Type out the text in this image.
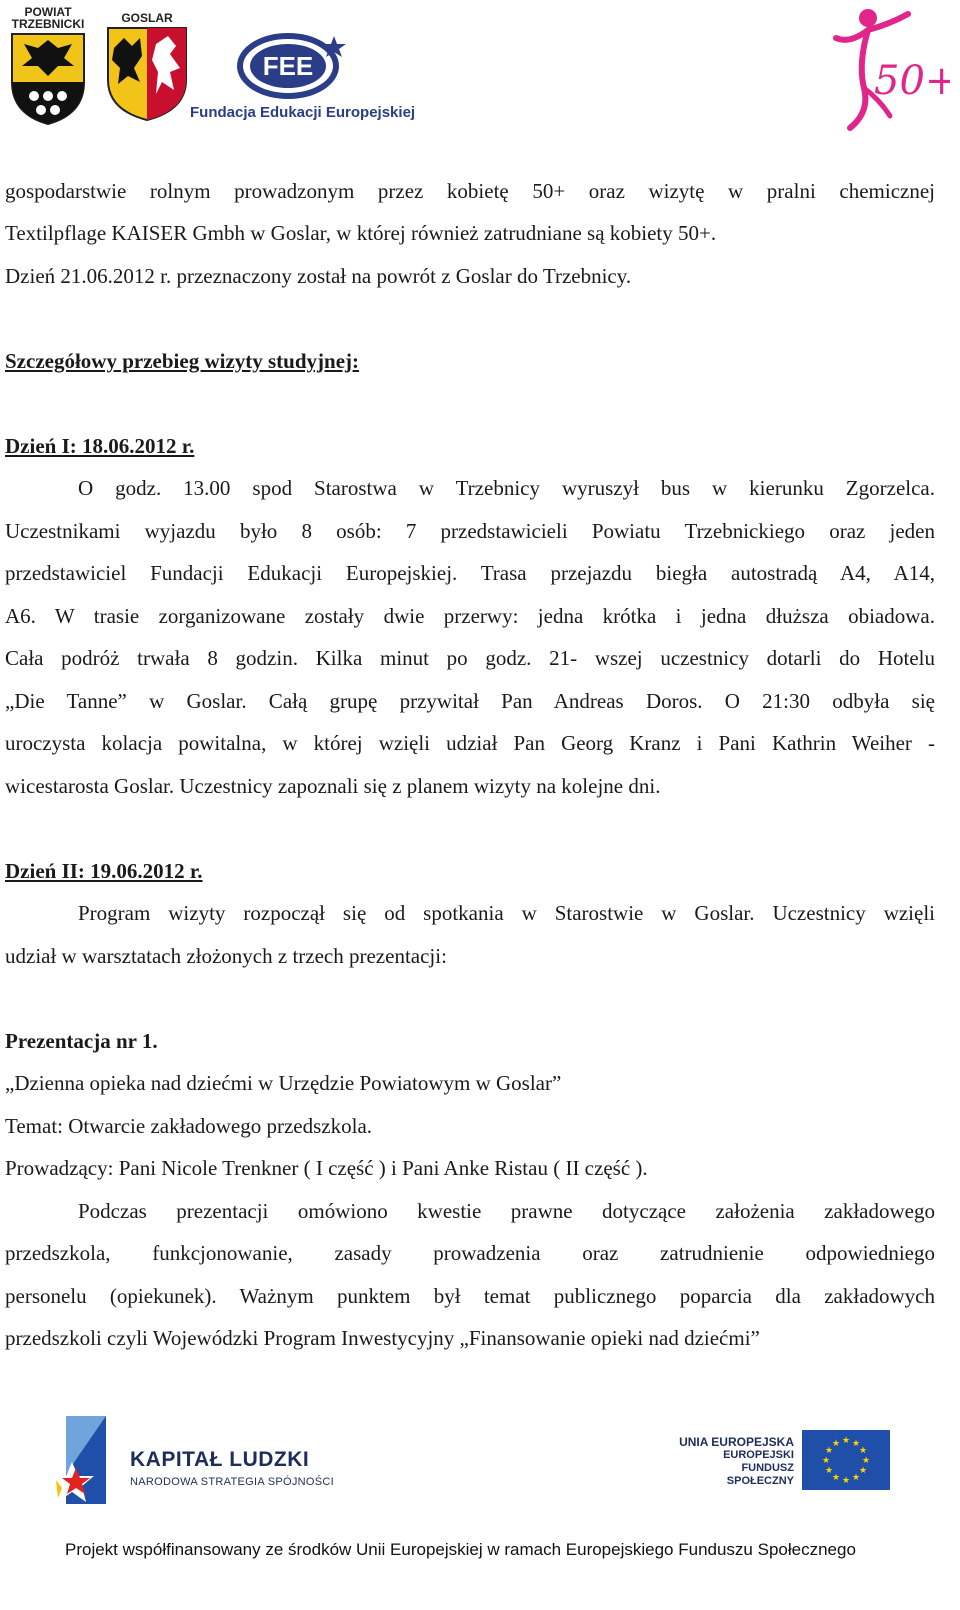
POWIAT
TRZEBNICKI	GOSLAR
FEE
Fundacja Edukacji Europejskiej
50+
gospodarstwie rolnym prowadzonym przez kobietę 50+ oraz wizytę w pralni chemicznej
Textilpflage KAISER Gmbh w Goslar, w której również zatrudniane są kobiety 50+.
Dzień 21.06.2012 r. przeznaczony został na powrót z Goslar do Trzebnicy.
Szczegółowy przebieg wizyty studyjnej:
Dzień I: 18.06.2012 r.
O godz. 13.00 spod Starostwa w Trzebnicy wyruszył bus w kierunku Zgorzelca.
Uczestnikami wyjazdu było 8 osób: 7 przedstawicieli Powiatu Trzebnickiego oraz jeden
przedstawiciel Fundacji Edukacji Europejskiej. Trasa przejazdu biegła autostradą A4, A14,
A6. W trasie zorganizowane zostały dwie przerwy: jedna krótka i jedna dłuższa obiadowa.
Cała podróż trwała 8 godzin. Kilka minut po godz. 21- wszej uczestnicy dotarli do Hotelu
„Die Tanne” w Goslar. Całą grupę przywitał Pan Andreas Doros. O 21:30 odbyła się
uroczysta kolacja powitalna, w której wzięli udział Pan Georg Kranz i Pani Kathrin Weiher -
wicestarosta Goslar. Uczestnicy zapoznali się z planem wizyty na kolejne dni.
Dzień II: 19.06.2012 r.
Program wizyty rozpoczął się od spotkania w Starostwie w Goslar. Uczestnicy wzięli
udział w warsztatach złożonych z trzech prezentacji:
Prezentacja nr 1.
„Dzienna opieka nad dziećmi w Urzędzie Powiatowym w Goslar”
Temat: Otwarcie zakładowego przedszkola.
Prowadzący: Pani Nicole Trenkner ( I część ) i Pani Anke Ristau ( II część ).
Podczas prezentacji omówiono kwestie prawne dotyczące założenia zakładowego
przedszkola, funkcjonowanie, zasady prowadzenia oraz zatrudnienie odpowiedniego
personelu (opiekunek). Ważnym punktem był temat publicznego poparcia dla zakładowych
przedszkoli czyli Wojewódzki Program Inwestycyjny „Finansowanie opieki nad dziećmi”
KAPITAŁ LUDZKI
NARODOWA STRATEGIA SPÓJNOŚCI
UNIA EUROPEJSKA
EUROPEJSKI
FUNDUSZ SPOŁECZNY
★ ★
★
★
★
★
★
★
★
★
★
★
Projekt współfinansowany ze środków Unii Europejskiej w ramach Europejskiego Funduszu Społecznego
